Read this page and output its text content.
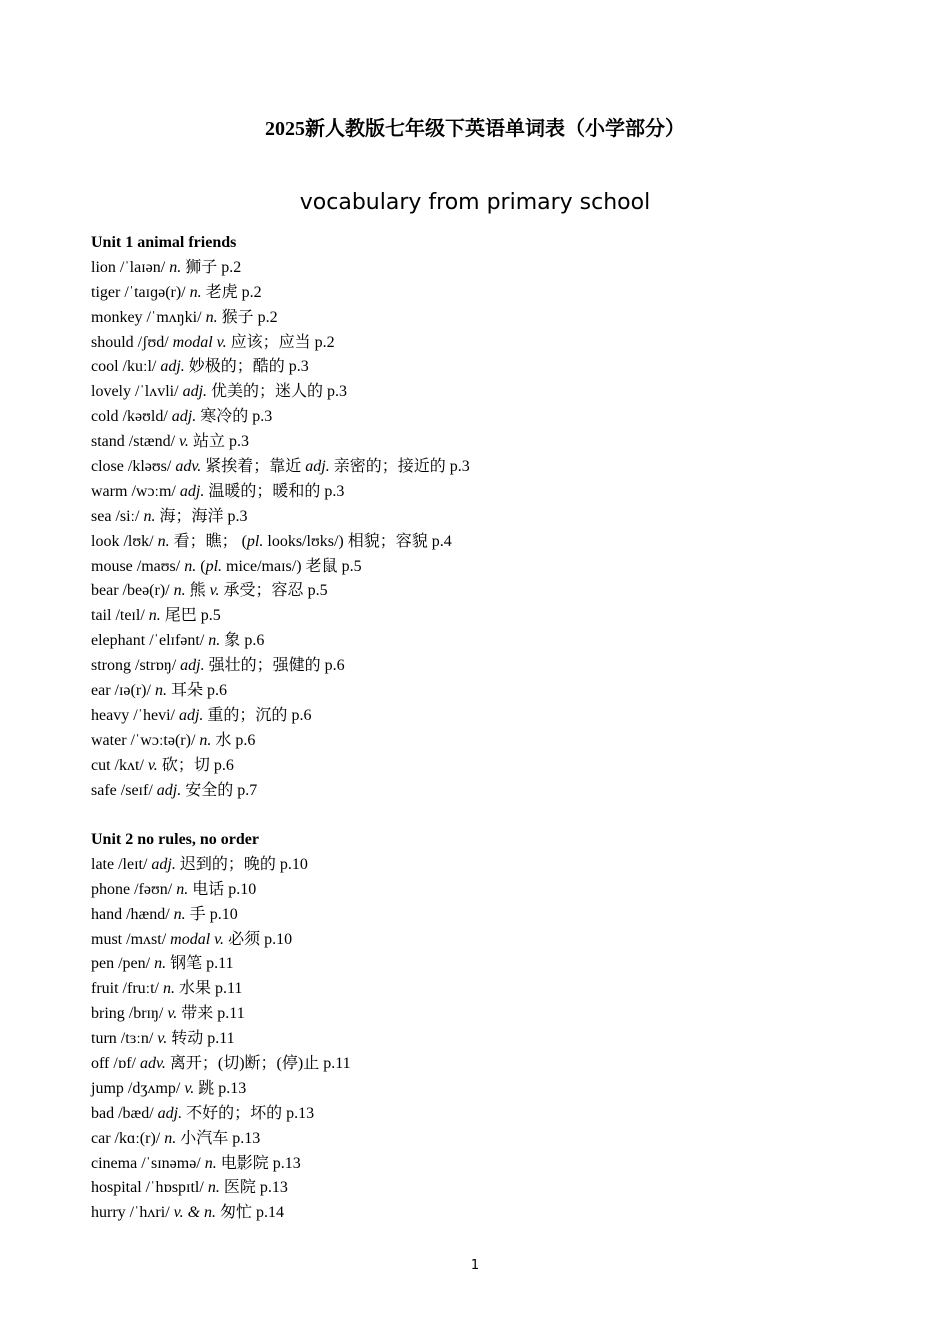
2025新人教版七年级下英语单词表（小学部分）
vocabulary from primary school
Unit 1 animal friends
lion /ˈlaɪən/ n. 狮子 p.2
tiger /ˈtaɪɡə(r)/ n. 老虎 p.2
monkey /ˈmʌŋki/ n. 猴子 p.2
should /ʃʊd/ modal v. 应该；应当 p.2
cool /kuːl/ adj. 妙极的；酷的 p.3
lovely /ˈlʌvli/ adj. 优美的；迷人的 p.3
cold /kəʊld/ adj. 寒冷的 p.3
stand /stænd/ v. 站立 p.3
close /kləʊs/ adv. 紧挨着；靠近 adj. 亲密的；接近的 p.3
warm /wɔːm/ adj. 温暖的；暖和的 p.3
sea /siː/ n. 海；海洋 p.3
look /lʊk/ n. 看；瞧； (pl. looks/lʊks/) 相貌；容貌 p.4
mouse /maʊs/ n. (pl. mice/maɪs/) 老鼠 p.5
bear /beə(r)/ n. 熊 v. 承受；容忍 p.5
tail /teɪl/ n. 尾巴 p.5
elephant /ˈelɪfənt/ n. 象 p.6
strong /strɒŋ/ adj. 强壮的；强健的 p.6
ear /ɪə(r)/ n. 耳朵 p.6
heavy /ˈhevi/ adj. 重的；沉的 p.6
water /ˈwɔːtə(r)/ n. 水 p.6
cut /kʌt/ v. 砍；切 p.6
safe /seɪf/ adj. 安全的 p.7
Unit 2 no rules, no order
late /leɪt/ adj. 迟到的；晚的 p.10
phone /fəʊn/ n. 电话 p.10
hand /hænd/ n. 手 p.10
must /mʌst/ modal v. 必须 p.10
pen /pen/ n. 钢笔 p.11
fruit /fruːt/ n. 水果 p.11
bring /brɪŋ/ v. 带来 p.11
turn /tɜːn/ v. 转动 p.11
off /ɒf/ adv. 离开；(切)断；(停)止 p.11
jump /dʒʌmp/ v. 跳 p.13
bad /bæd/ adj. 不好的；坏的 p.13
car /kɑː(r)/ n. 小汽车 p.13
cinema /ˈsɪnəmə/ n. 电影院 p.13
hospital /ˈhɒspɪtl/ n. 医院 p.13
hurry /ˈhʌri/ v. & n. 匆忙 p.14
1
